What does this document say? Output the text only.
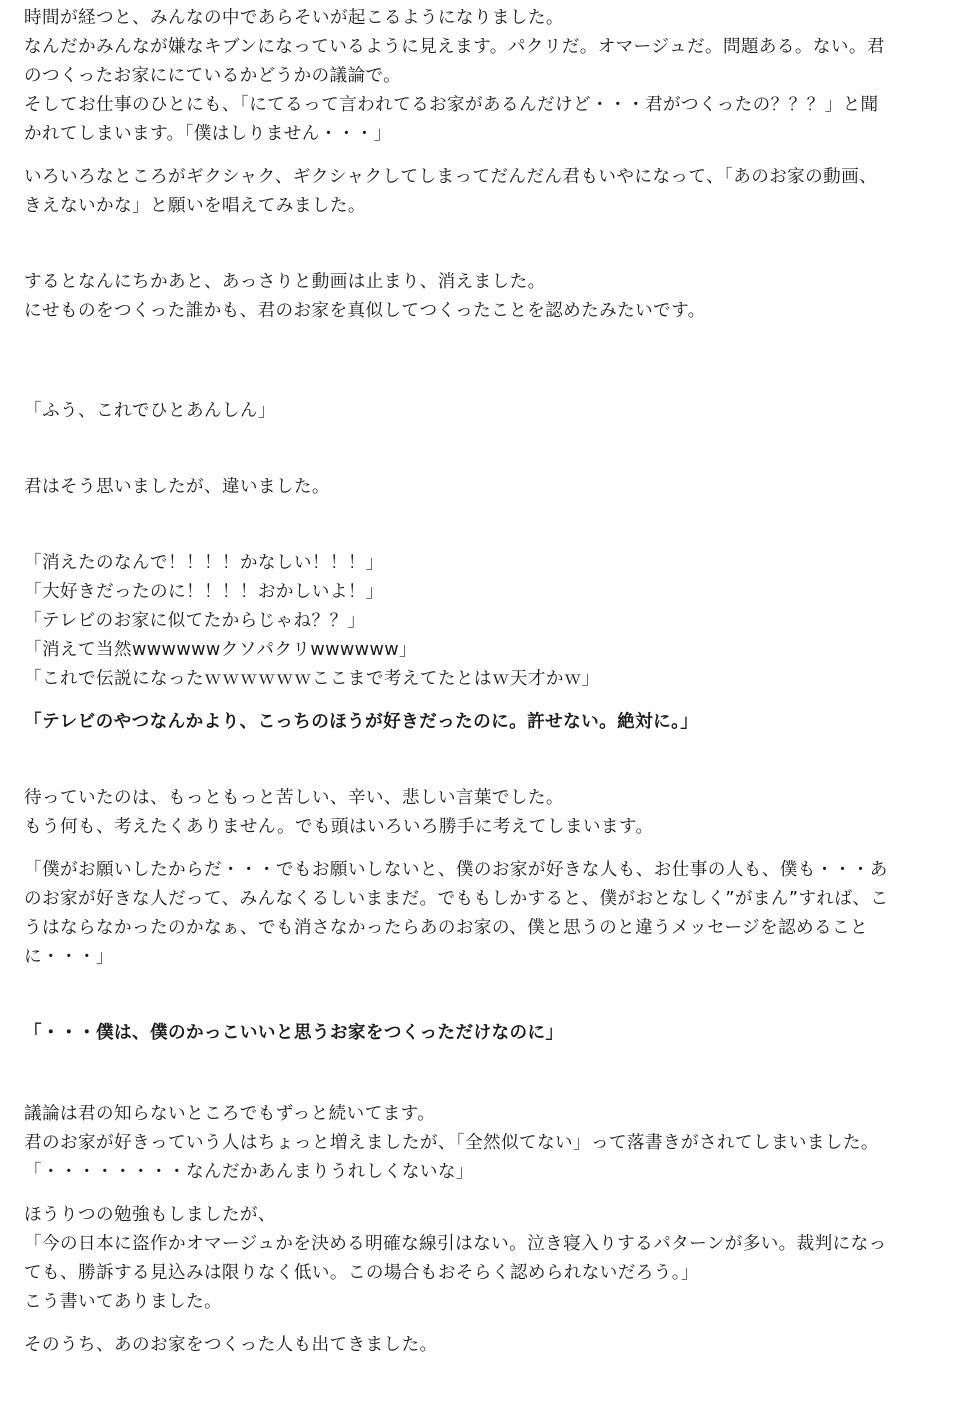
時間が経つと、みんなの中であらそいが起こるようになりました。
なんだかみんなが嫌なキブンになっているように見えます。パクリだ。オマージュだ。問題ある。ない。君
のつくったお家ににているかどうかの議論で。
そしてお仕事のひとにも、「にてるって言われてるお家があるんだけど・・・君がつくったの？？？」と聞
かれてしまいます。「僕はしりません・・・」

いろいろなところがギクシャク、ギクシャクしてしまってだんだん君もいやになって、「あのお家の動画、
きえないかな」と願いを唱えてみました。

するとなんにちかあと、あっさりと動画は止まり、消えました。
にせものをつくった誰かも、君のお家を真似してつくったことを認めたみたいです。

「ふう、これでひとあんしん」

君はそう思いましたが、違いました。

「消えたのなんで！！！！かなしい！！！」
「大好きだったのに！！！！おかしいよ！」
「テレビのお家に似てたからじゃね？？」
「消えて当然wwwwwwクソパクリwwwwww」
「これで伝説になったｗｗｗｗｗｗここまで考えてたとはｗ天才かｗ」

「テレビのやつなんかより、こっちのほうが好きだったのに。許せない。絶対に。」

待っていたのは、もっともっと苦しい、辛い、悲しい言葉でした。
もう何も、考えたくありません。でも頭はいろいろ勝手に考えてしまいます。

「僕がお願いしたからだ・・・でもお願いしないと、僕のお家が好きな人も、お仕事の人も、僕も・・・あ
のお家が好きな人だって、みんなくるしいままだ。でももしかすると、僕がおとなしく”がまん”すれば、こ
うはならなかったのかなぁ、でも消さなかったらあのお家の、僕と思うのと違うメッセージを認めること
に・・・」

「・・・僕は、僕のかっこいいと思うお家をつくっただけなのに」

議論は君の知らないところでもずっと続いてます。
君のお家が好きっていう人はちょっと増えましたが、「全然似てない」って落書きがされてしまいました。
「・・・・・・・・なんだかあんまりうれしくないな」

ほうりつの勉強もしましたが、
「今の日本に盗作かオマージュかを決める明確な線引はない。泣き寝入りするパターンが多い。裁判になっ
ても、勝訴する見込みは限りなく低い。この場合もおそらく認められないだろう。」
こう書いてありました。

そのうち、あのお家をつくった人も出てきました。
